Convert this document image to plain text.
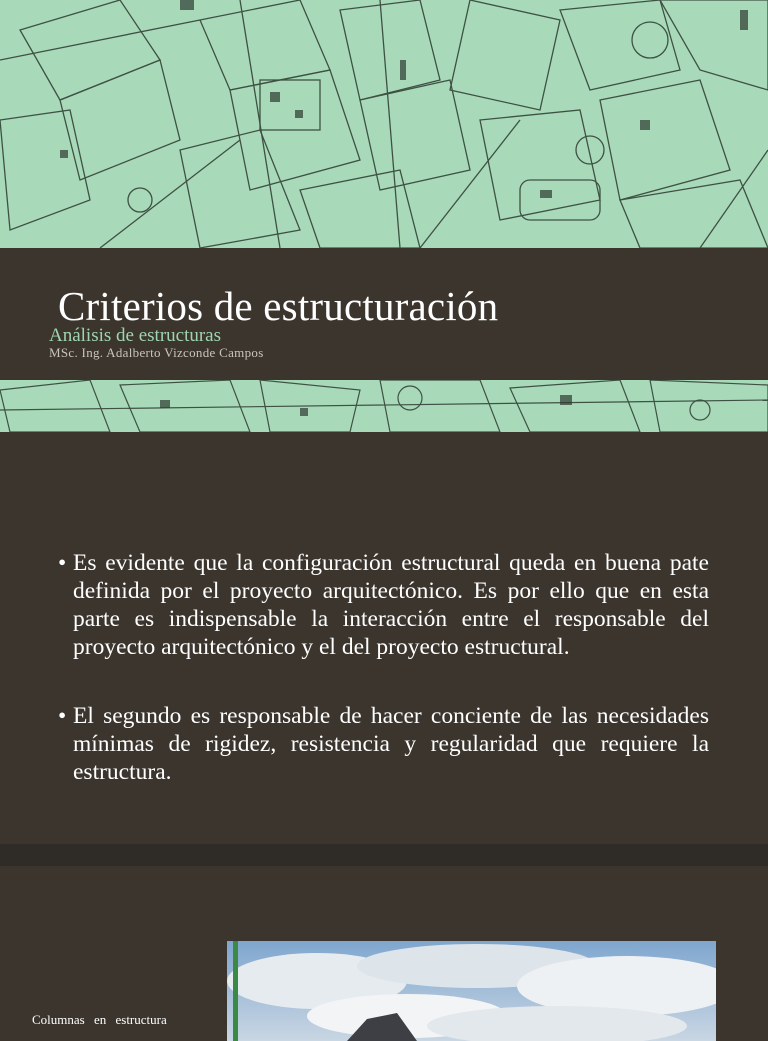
Criterios de estructuración
Análisis de estructuras
MSc. Ing. Adalberto Vizconde Campos
• Es evidente que la configuración estructural queda en buena pate definida por el proyecto arquitectónico. Es por ello que en esta parte es indispensable la interacción entre el responsable del proyecto arquitectónico y el del proyecto estructural.
• El segundo es responsable de hacer conciente de las necesidades mínimas de rigidez, resistencia y regularidad que requiere la estructura.
Columnas en estructura
